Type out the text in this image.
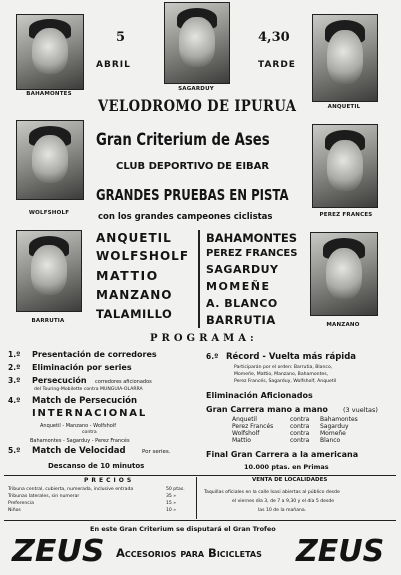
BAHAMONTES
SAGARDUY
ANQUETIL
WOLFSHOLF	PEREZ FRANCES
BARRUTIA
MANZANO
5
ABRIL
4,30
TARDE
VELODROMO DE IPURUA
Gran Criterium de Ases
CLUB DEPORTIVO DE EIBAR
GRANDES PRUEBAS EN PISTA
con los grandes campeones ciclistas
ANQUETIL
WOLFSHOLF
MATTIO
MANZANO
TALAMILLO
BAHAMONTES
PEREZ FRANCES
SAGARDUY
MOMEÑE
A. BLANCO
BARRUTIA
PROGRAMA:
1.º Presentación de corredores
2.º Eliminación por series
3.º Persecución corredores aficionados
del Touring-Mobilette contra MUNGUIA-OLARRA
4.º Match de Persecución
INTERNACIONAL
Anquetil - Manzano - Wolfsholf
contra
Bahamontes - Sagarduy - Perez Francés
5.º Match de Velocidad	Por series.
Descanso de 10 minutos
6.º Récord - Vuelta más rápida
Participarán por el orden: Barrutia, Blanco,
Momeñe, Mattio, Manzano, Bahamontes,
Perez Francés, Sagarduy, Wolfsholf, Anquetil
Eliminación Aficionados
Gran Carrera mano a mano (3 vueltas)
Anquetil	contra Bahamontes
Perez Francés	contra Sagarduy
Wolfsholf	contra Momeñe
Mattio	contra Blanco
Final Gran Carrera a la americana
10.000 ptas. en Primas
PRECIOS
Tribuna central, cubierta, numerada, inclusive entrada	50 ptas.
Tribunas laterales, sin numerar	35 »
Preferencia	15 »
Niños	10 »
VENTA DE LOCALIDADES
Taquillas oficiales en la calle Isasi abiertas al público desde
el viernes día 3, de 7 a 9,30 y el día 5 desde
las 10 de la mañana.
En este Gran Criterium se disputará el Gran Trofeo
ZEUS Accesorios para Bicicletas ZEUS
